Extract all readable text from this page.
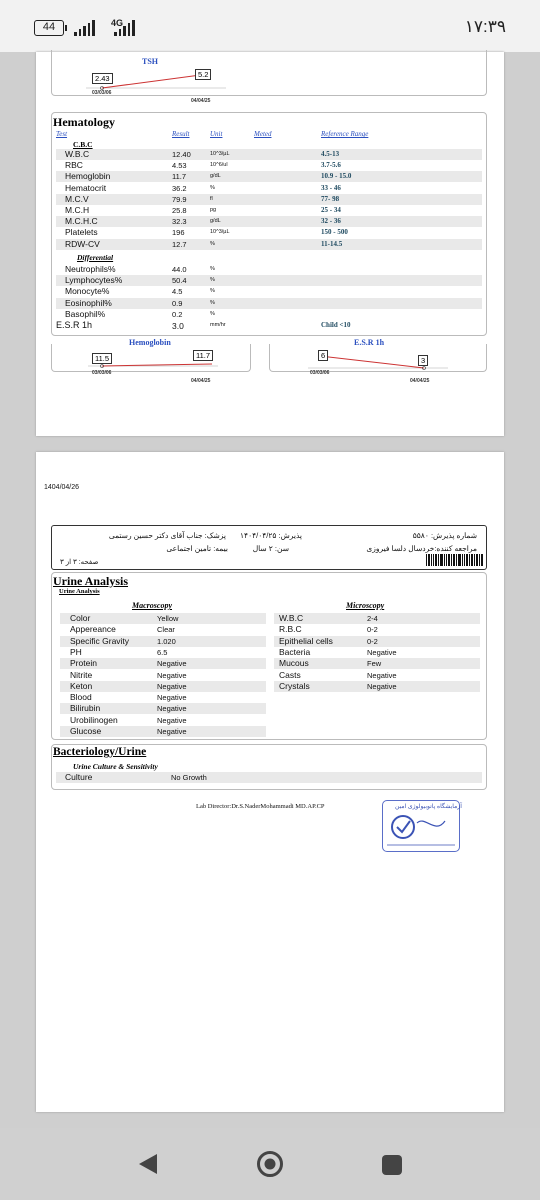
44	4G	۱۷:۳۹
TSH
2.43	5.2
03/03/06
04/04/25
Hematology
Test	Result	Unit	Meted	Reference Range
C.B.C
W.B.C	12.40	10^3/µL	4.5-13
RBC	4.53	10^6/ul	3.7-5.6
Hemoglobin	11.7	g/dL	10.9 - 15.0
Hematocrit	36.2	%	33 - 46
M.C.V	79.9	fl	77- 98
M.C.H	25.8	pg	25 - 34
M.C.H.C	32.3	g/dL	32 - 36
Platelets	196	10^3/µL	150 - 500
RDW-CV	12.7	%	11-14.5
Differential
Neutrophils%	44.0	%
Lymphocytes%	50.4	%
Monocyte%	4.5	%
Eosinophil%	0.9	%
Basophil%	0.2	%
E.S.R 1h	3.0	mm/hr	Child <10
Hemoglobin
11.5	11.7
03/03/06
04/04/25
E.S.R 1h
6
3
03/03/06
04/04/25
1404/04/26
شماره پذیرش: ۵۵۸۰
پذیرش: ۱۴۰۴/۰۴/۲۵
پزشک: جناب آقای دکتر حسین رستمی
مراجعه کننده:خردسال دلسا فیروزی
سن: ۲ سال
بیمه: تامین اجتماعی
صفحه: ۳ از ۳
Urine Analysis
Urine Analysis
Macroscopy	Microscopy
Color	Yellow
Appereance	Clear
Specific Gravity	1.020
PH	6.5
Protein	Negative
Nitrite	Negative
Keton	Negative
Blood	Negative
Bilirubin	Negative
Urobilinogen	Negative
Glucose	Negative
W.B.C	2-4
R.B.C	0-2
Epithelial cells	0-2
Bacteria	Negative
Mucous	Few
Casts	Negative
Crystals	Negative
Bacteriology/Urine
Urine Culture & Sensitivity
Culture	No Growth
Lab Director:Dr.S.NaderMohammadi MD.AP.CP	آزمایشگاه پاتوبیولوژی امین
